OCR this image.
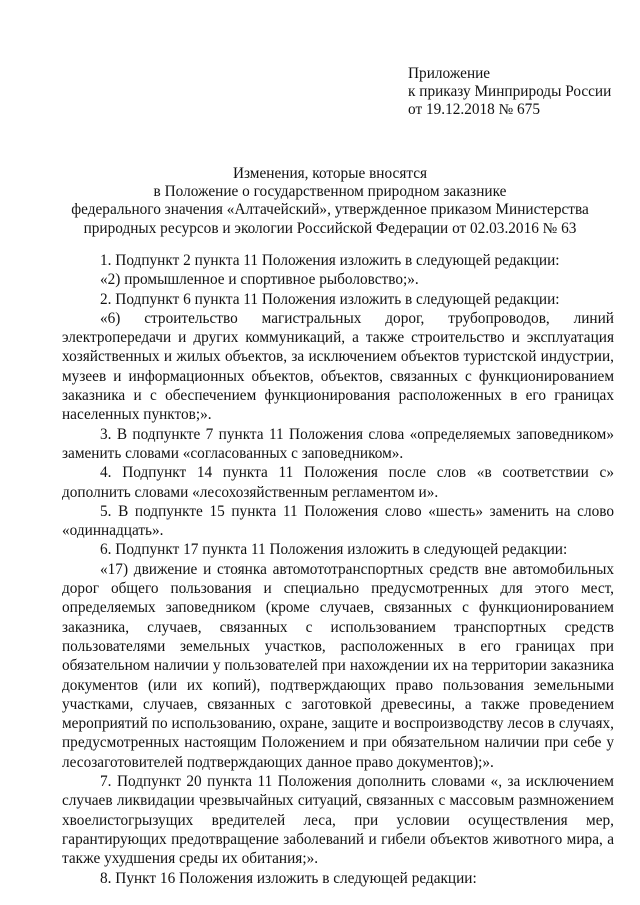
Приложение
к приказу Минприроды России
от 19.12.2018 № 675
Изменения, которые вносятся
в Положение о государственном природном заказнике
федерального значения «Алтачейский», утвержденное приказом Министерства
природных ресурсов и экологии Российской Федерации от 02.03.2016 № 63

1. Подпункт 2 пункта 11 Положения изложить в следующей редакции:

«2) промышленное и спортивное рыболовство;».

2. Подпункт 6 пункта 11 Положения изложить в следующей редакции:

«6) строительство магистральных дорог, трубопроводов, линий электропередачи и других коммуникаций, а также строительство и эксплуатация хозяйственных и жилых объектов, за исключением объектов туристской индустрии, музеев и информационных объектов, объектов, связанных с функционированием заказника и с обеспечением функционирования расположенных в его границах населенных пунктов;».

3. В подпункте 7 пункта 11 Положения слова «определяемых заповедником» заменить словами «согласованных с заповедником».

4. Подпункт 14 пункта 11 Положения после слов «в соответствии с» дополнить словами «лесохозяйственным регламентом и».

5. В подпункте 15 пункта 11 Положения слово «шесть» заменить на слово «одиннадцать».

6. Подпункт 17 пункта 11 Положения изложить в следующей редакции:

«17) движение и стоянка автомототранспортных средств вне автомобильных дорог общего пользования и специально предусмотренных для этого мест, определяемых заповедником (кроме случаев, связанных с функционированием заказника, случаев, связанных с использованием транспортных средств пользователями земельных участков, расположенных в его границах при обязательном наличии у пользователей при нахождении их на территории заказника документов (или их копий), подтверждающих право пользования земельными участками, случаев, связанных с заготовкой древесины, а также проведением мероприятий по использованию, охране, защите и воспроизводству лесов в случаях, предусмотренных настоящим Положением и при обязательном наличии при себе у лесозаготовителей подтверждающих данное право документов);».

7. Подпункт 20 пункта 11 Положения дополнить словами «, за исключением случаев ликвидации чрезвычайных ситуаций, связанных с массовым размножением хвоелистогрызущих вредителей леса, при условии осуществления мер, гарантирующих предотвращение заболеваний и гибели объектов животного мира, а также ухудшения среды их обитания;».

8. Пункт 16 Положения изложить в следующей редакции:
